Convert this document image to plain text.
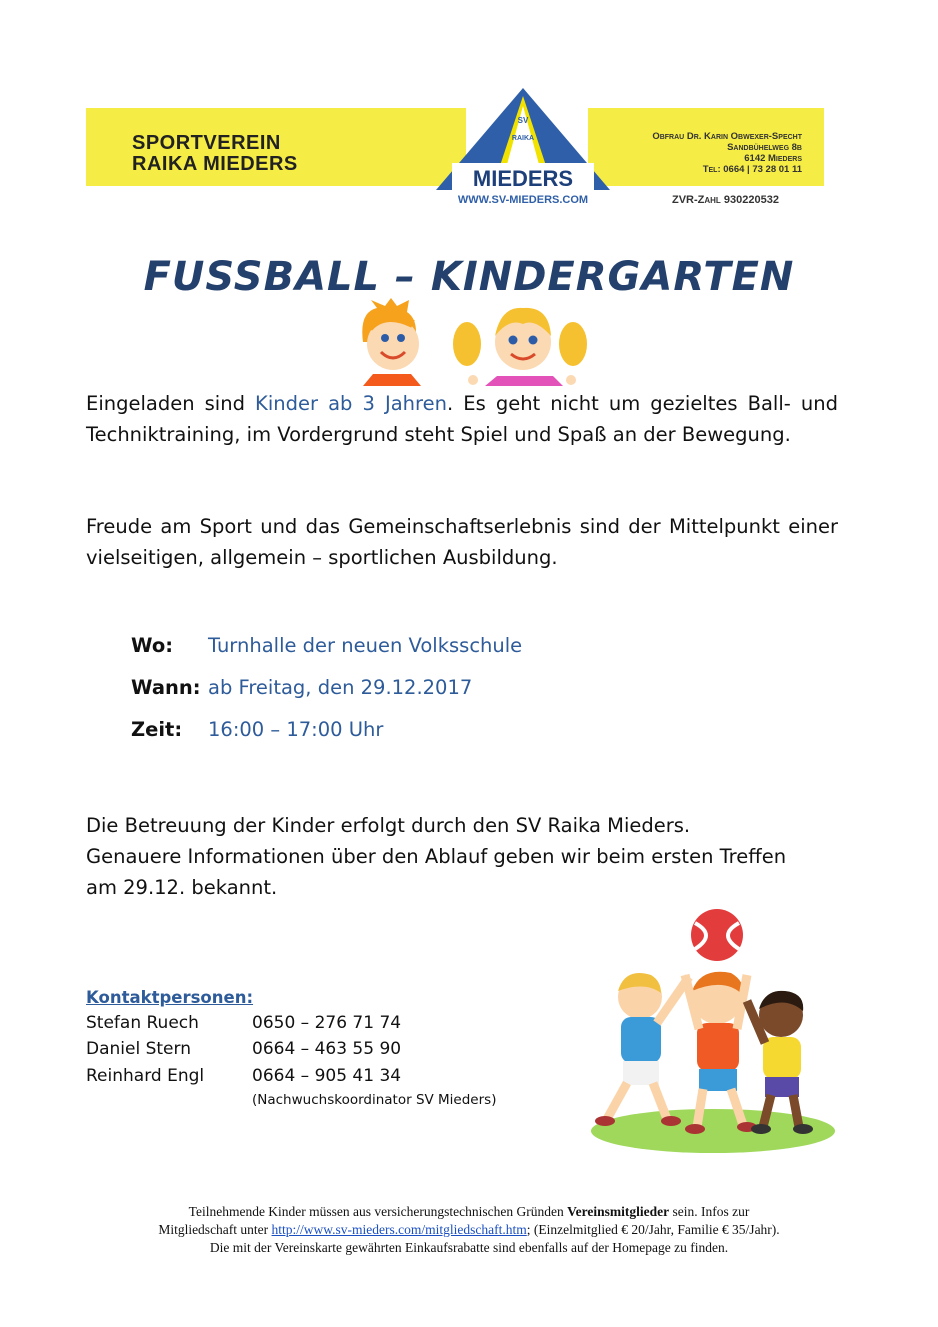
SPORTVEREIN
RAIKA MIEDERS
SV
RAIKA
MIEDERS
WWW.SV-MIEDERS.COM
Obfrau Dr. Karin Obwexer-Specht
Sandbühelweg 8b
6142 Mieders
Tel: 0664 | 73 28 01 11
ZVR-Zahl 930220532
FUSSBALL – KINDERGARTEN
Eingeladen sind Kinder ab 3 Jahren. Es geht nicht um gezieltes Ball- und Techniktraining, im Vordergrund steht Spiel und Spaß an der Bewegung.
Freude am Sport und das Gemeinschaftserlebnis sind der Mittelpunkt einer vielseitigen, allgemein – sportlichen Ausbildung.
Wo: Turnhalle der neuen Volksschule
Wann: ab Freitag, den 29.12.2017
Zeit: 16:00 – 17:00 Uhr
Die Betreuung der Kinder erfolgt durch den SV Raika Mieders.
Genauere Informationen über den Ablauf geben wir beim ersten Treffen
am 29.12. bekannt.
Kontaktpersonen:
Stefan Ruech	0650 – 276 71 74
Daniel Stern	0664 – 463 55 90
Reinhard Engl	0664 – 905 41 34
(Nachwuchskoordinator SV Mieders)
Teilnehmende Kinder müssen aus versicherungstechnischen Gründen Vereinsmitglieder sein. Infos zur
Mitgliedschaft unter http://www.sv-mieders.com/mitgliedschaft.htm; (Einzelmitglied € 20/Jahr, Familie € 35/Jahr).
Die mit der Vereinskarte gewährten Einkaufsrabatte sind ebenfalls auf der Homepage zu finden.
